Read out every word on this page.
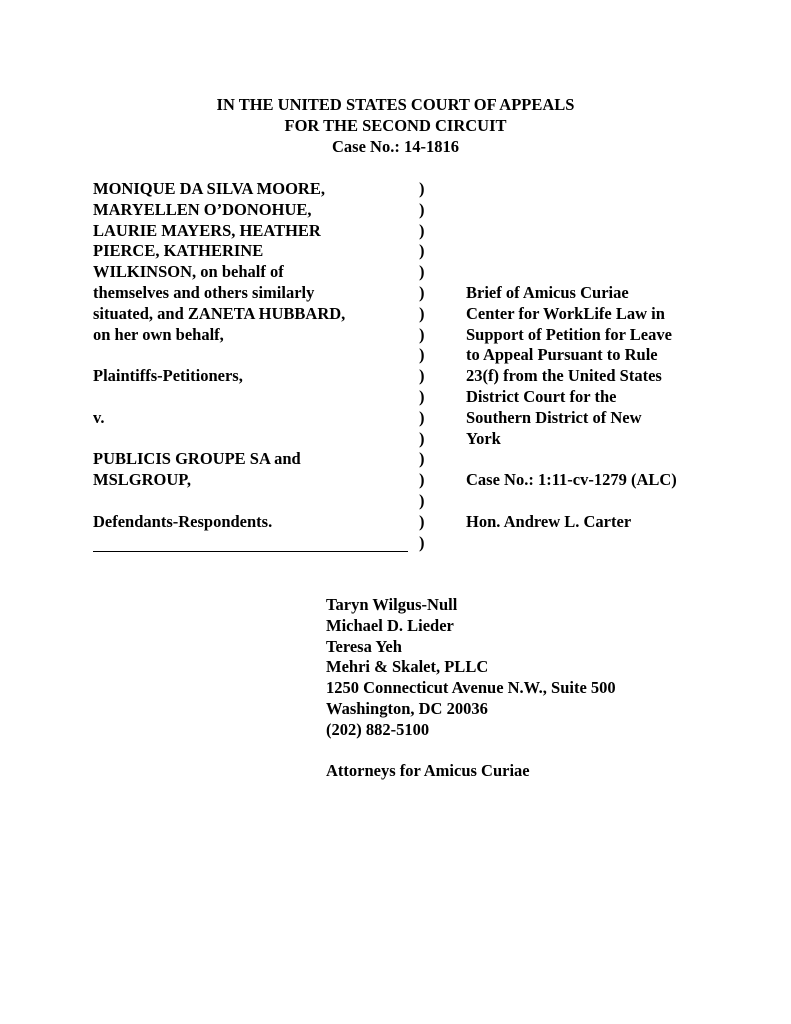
IN THE UNITED STATES COURT OF APPEALS
FOR THE SECOND CIRCUIT
Case No.: 14-1816
MONIQUE DA SILVA MOORE,
MARYELLEN O’DONOHUE,
LAURIE MAYERS, HEATHER
PIERCE, KATHERINE
WILKINSON, on behalf of
themselves and others similarly
situated, and ZANETA HUBBARD,
on her own behalf,
Plaintiffs-Petitioners,
v.
PUBLICIS GROUPE SA and
MSLGROUP,
Defendants-Respondents.
)
)
)
)
)
)
)
)
)
)
)
)
)
)
)
)
)
)
Brief of Amicus Curiae
Center for WorkLife Law in
Support of Petition for Leave
to Appeal Pursuant to Rule
23(f) from the United States
District Court for the
Southern District of New
York
Case No.: 1:11-cv-1279 (ALC)
Hon. Andrew L. Carter
Taryn Wilgus-Null
Michael D. Lieder
Teresa Yeh
Mehri & Skalet, PLLC
1250 Connecticut Avenue N.W., Suite 500
Washington, DC 20036
(202) 882-5100
Attorneys for Amicus Curiae
